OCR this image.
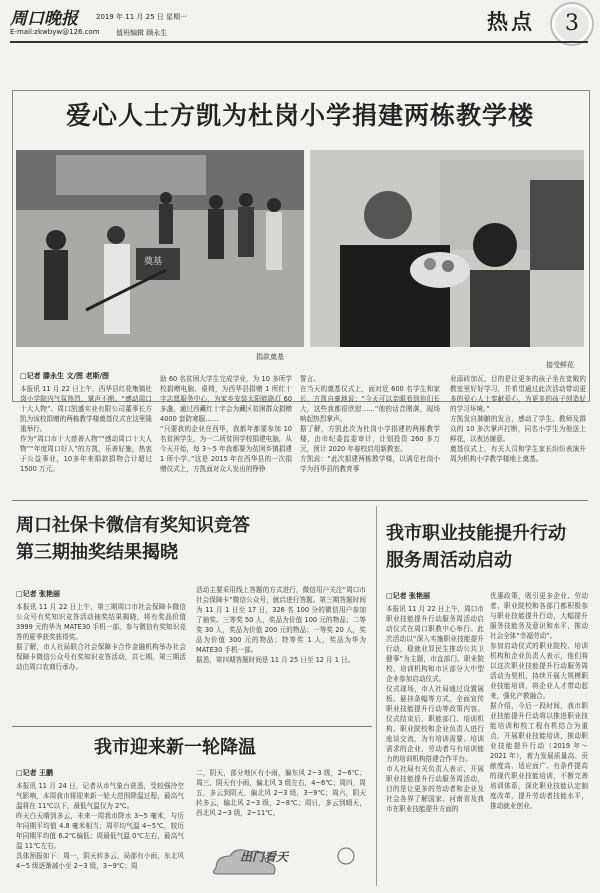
周口晚报
E-mail:zkwbyw@126.com
2019 年 11 月 25 日 星期一
值班编辑 顾永生	热点	3
爱心人士方凯为杜岗小学捐建两栋教学楼
奠基
捐款奠基
接受鲜花
□记者 滕永生 文/图 老斯/图
本报讯 11 月 22 日上午，西华县红花集镇杜岗小学院内气氛热烈，掌声不断。“感动周口十大人物”、周口凯盛实业有限公司董事长方凯为该校捐赠的两栋教学楼奠基仪式在这里隆重举行。
作为“周口市十大慈善人物”“感动周口十大人物”“年度周口好人”的方凯，乐善好施，热衷于公益事业，10多年来捐款捐物合计超过 1500 万元。
助 60 名贫困大学生完成学业，为 10 多所学校捐赠电脑、桌椅，为西华县捐赠 1 所红十字志愿服务中心，为家乡安装太阳能路灯 60 多盏，通过西藏红十字会为藏区贫困群众捐赠 4000 套防寒服……
“只要我的企业在西华，我都年都要参加 10 名贫困学生，为一二所贫困学校捐建电脑，从今天开始，每 3～5 年我都要为贫困乡镇捐建 1 所小学。”这是 2015 年在西华县的一次捐赠仪式上，方凯面对众人发出的铮铮
誓言。
在当天的奠基仪式上，面对近 600 名学生和家长，方凯自豪地说：“今天可以亲眼看到你们长大，这些我都很欣慰……”他的话音刚落，现场响起热烈掌声。
据了解，方凯此次为杜岗小学捐建的两栋教学楼，由市纪委监委审计，计划投资 260 多万元，预计 2020 年春校启用新教室。
方凯说：“此次捐建两栋教学楼，以满足杜岗小学为西华县的教育事
业添砖加瓦，目的是让更多的孩子坐在宽敞的教室里好好学习，并希望通过此次活动带动更多的爱心人士奉献爱心，为更多的孩子创造好的学习环境。”
方凯发自肺腑的发言，感动了学生、教师及群众的 10 多次掌声打断，同名小学生为他送上鲜花，以表达谢意。
奠基仪式上，有关人员和学生家长纷纷表演升周为机构小学教学楼地上奠基。
周口社保卡微信有奖知识竞答
第三期抽奖结果揭晓
□记者 张艳丽
本报讯 11 月 22 日上午，第三期周口市社会保障卡微信公众号有奖知识竞答活动抽奖结果揭晓，将有奖品价值 3999 元的华为 MATE30 手机一部，参与微信有奖知识竞答的夏季获奖获得奖。
据了解，市人社局联合社会保障卡合作金融机构举办社会保障卡微信公众号有奖知识竞答活动，共七期，第三期活动由周口农商行承办。
活动主要采用线上答题的方式进行，微信用户关注“周口市社会保障卡”微信公众号，就启进行答题。第三期答题时间为 11 月 1 日至 17 日，326 名 100 分的微信用户参加了抽奖。三等奖 50 人，奖品为价值 100 元的物品；二等奖 30 人，奖品为价值 200 元的物品；一等奖 20 人，奖品为价值 300 元的物品；特等奖 1 人，奖品为华为 MATE30 手机一部。
据悉，第四期答题时间是 11 月 25 日至 12 月 1 日。
我市迎来新一轮降温
□记者 王鹏
本报讯 11 月 24 日，记者从市气象台获悉，受较强冷空气影响，本周我市将迎来新一轮大范围降温过程，最高气温将在 11℃以下，最低气温仅为 2℃。
昨天白天晴到多云，未来一周我市降水 3~5 毫米，与历年同期平均值 4.8 毫米相当；周平均气温 4~5℃，较历年同期平均值 6.2℃偏低；周最低气温 0℃左右，最高气温 11℃左右。
具体预报如下：周一，阴天转多云，局部有小雨，东北风 4~5 级逐渐减小至 2~3 级，3~9℃；周
二，阴天，部分地区有小雨，偏东风 2~3 级，2~6℃；周三，阴天有小雨，偏北风 3 级左右，4~6℃；周四，周五，多云到阴天，偏北风 2~3 级，3~9℃；周六，阴天转多云，偏北风 2~3 级，2~8℃；周日，多云到晴天，西北风 2~3 级，2~11℃。
出门看天
我市职业技能提升行动
服务周活动启动
□记者 张艳丽
本报讯 11 月 22 日上午，周口市职业技能提升行动服务周活动启动仪式在周口职教中心举行。此次活动以“深入实施职业技能提升行动，稳就业显民生推动公共卫健事”为主题，市直部门、职业院校、培训机构和市区部分大中型企业参加启动仪式。
仪式现场，市人社局通过设置展板、悬挂条幅等方式，全面宣传职业技能提升行动等政策内容。仪式结束后，职能部门、培训机构、职业院校和企业负责人进行座谈交流，为有培训需要、培训需求的企业、劳动者与有培训能力的培训机构搭建合作平台。
市人社局有关负责人表示，开展职业技能提升行动服务周活动，目的是让更多的劳动者和企业及社会各界了解国家、河南省及我市在职业技能提升方面的
优惠政策，吸引更多企业、劳动者、职业院校和各部门都积极参与职业技能提升行动，大幅提升服务技能务及意识和水平，推动社会全体“幸福劳动”。
参加启动仪式的职业院校、培训机构和企业负责人表示，他们将以这次职业技能提升行动服务周活动为契机，持续开展大规模职业技能培训，将企业人才带动起来，强化产教融合。
据介绍，今后一段时间，我市职业技能提升行动将以推进职业技能培训和校工程有机结合为重点，开展职业技能培训，推动职业技能提升行动（2019 年～2021 年），着力发展质量高、贡献度高、适应面广、有条件提高的现代职业技能培训，不断完善培训体系，深化职业技能认定制度改革，提升劳动者技能水平，推动就业创业。
